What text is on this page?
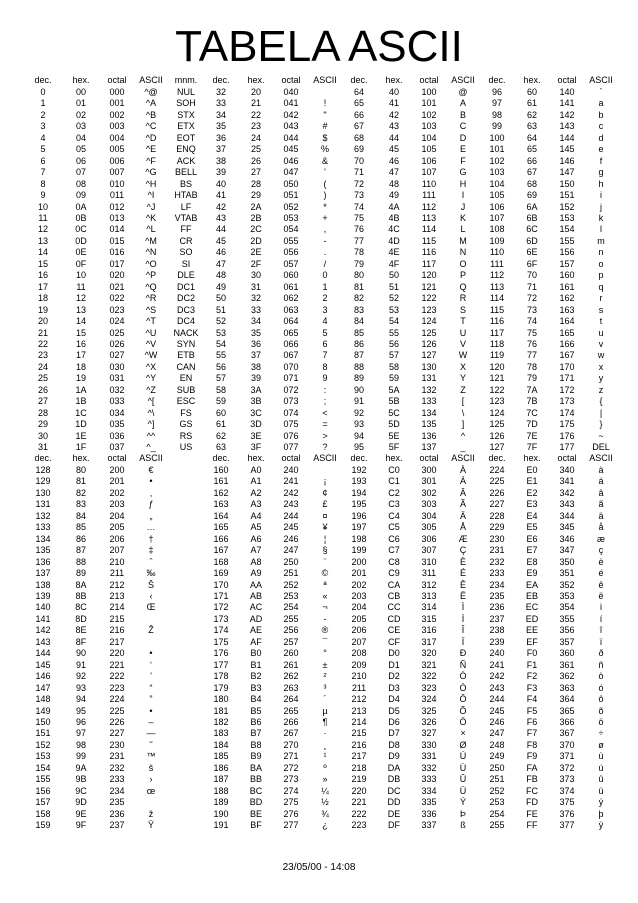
TABELA ASCII
dec.	hex.	octal	ASCII	mnm.	dec.	hex.	octal	ASCII	dec.	hex.	octal	ASCII	dec.	hex.	octal	ASCII
0	00	000	^@	NUL	32	20	040		64	40	100	@	96	60	140	`
1	01	001	^A	SOH	33	21	041	!	65	41	101	A	97	61	141	a
2	02	002	^B	STX	34	22	042	"	66	42	102	B	98	62	142	b
3	03	003	^C	ETX	35	23	043	#	67	43	103	C	99	63	143	c
4	04	004	^D	EOT	36	24	044	$	68	44	104	D	100	64	144	d
5	05	005	^E	ENQ	37	25	045	%	69	45	105	E	101	65	145	e
6	06	006	^F	ACK	38	26	046	&	70	46	106	F	102	66	146	f
7	07	007	^G	BELL	39	27	047	'	71	47	107	G	103	67	147	g
8	08	010	^H	BS	40	28	050	(	72	48	110	H	104	68	150	h
9	09	011	^I	HTAB	41	29	051	)	73	49	111	I	105	69	151	i
10	0A	012	^J	LF	42	2A	052	*	74	4A	112	J	106	6A	152	j
11	0B	013	^K	VTAB	43	2B	053	+	75	4B	113	K	107	6B	153	k
12	0C	014	^L	FF	44	2C	054	,	76	4C	114	L	108	6C	154	l
13	0D	015	^M	CR	45	2D	055	-	77	4D	115	M	109	6D	155	m
14	0E	016	^N	SO	46	2E	056	.	78	4E	116	N	110	6E	156	n
15	0F	017	^O	SI	47	2F	057	/	79	4F	117	O	111	6F	157	o
16	10	020	^P	DLE	48	30	060	0	80	50	120	P	112	70	160	p
17	11	021	^Q	DC1	49	31	061	1	81	51	121	Q	113	71	161	q
18	12	022	^R	DC2	50	32	062	2	82	52	122	R	114	72	162	r
19	13	023	^S	DC3	51	33	063	3	83	53	123	S	115	73	163	s
20	14	024	^T	DC4	52	34	064	4	84	54	124	T	116	74	164	t
21	15	025	^U	NACK	53	35	065	5	85	55	125	U	117	75	165	u
22	16	026	^V	SYN	54	36	066	6	86	56	126	V	118	76	166	v
23	17	027	^W	ETB	55	37	067	7	87	57	127	W	119	77	167	w
24	18	030	^X	CAN	56	38	070	8	88	58	130	X	120	78	170	x
25	19	031	^Y	EN	57	39	071	9	89	59	131	Y	121	79	171	y
26	1A	032	^Z	SUB	58	3A	072	:	90	5A	132	Z	122	7A	172	z
27	1B	033	^[	ESC	59	3B	073	;	91	5B	133	[	123	7B	173	{
28	1C	034	^\	FS	60	3C	074	<	92	5C	134	\	124	7C	174	|
29	1D	035	^]	GS	61	3D	075	=	93	5D	135	]	125	7D	175	}
30	1E	036	^^	RS	62	3E	076	>	94	5E	136	^	126	7E	176	~
31	1F	037	^_	US	63	3F	077	?	95	5F	137	_	127	7F	177	DEL
dec.	hex.	octal	ASCII		dec.	hex.	octal	ASCII	dec.	hex.	octal	ASCII	dec.	hex.	octal	ASCII
128	80	200	€		160	A0	240		192	C0	300	À	224	E0	340	à
129	81	201	•		161	A1	241	¡	193	C1	301	Á	225	E1	341	á
130	82	202	‚		162	A2	242	¢	194	C2	302	Â	226	E2	342	â
131	83	203	ƒ		163	A3	243	£	195	C3	303	Ã	227	E3	343	ã
132	84	204	„		164	A4	244	¤	196	C4	304	Ä	228	E4	344	ä
133	85	205	…		165	A5	245	¥	197	C5	305	Å	229	E5	345	å
134	86	206	†		166	A6	246	¦	198	C6	306	Æ	230	E6	346	æ
135	87	207	‡		167	A7	247	§	199	C7	307	Ç	231	E7	347	ç
136	88	210	ˆ		168	A8	250	¨	200	C8	310	È	232	E8	350	è
137	89	211	‰		169	A9	251	©	201	C9	311	É	233	E9	351	é
138	8A	212	Š		170	AA	252	ª	202	CA	312	Ê	234	EA	352	ê
139	8B	213	‹		171	AB	253	«	203	CB	313	Ë	235	EB	353	ë
140	8C	214	Œ		172	AC	254	¬	204	CC	314	Ì	236	EC	354	ì
141	8D	215			173	AD	255	-	205	CD	315	Í	237	ED	355	í
142	8E	216	Ž		174	AE	256	®	206	CE	316	Î	238	EE	356	î
143	8F	217			175	AF	257	¯	207	CF	317	Ï	239	EF	357	ï
144	90	220	•		176	B0	260	°	208	D0	320	Ð	240	F0	360	ð
145	91	221	‘		177	B1	261	±	209	D1	321	Ñ	241	F1	361	ñ
146	92	222	’		178	B2	262	²	210	D2	322	Ò	242	F2	362	ò
147	93	223	“		179	B3	263	³	211	D3	323	Ó	243	F3	363	ó
148	94	224	”		180	B4	264	´	212	D4	324	Ô	244	F4	364	ô
149	95	225	•		181	B5	265	µ	213	D5	325	Õ	245	F5	365	õ
150	96	226	–		182	B6	266	¶	214	D6	326	Ö	246	F6	366	ö
151	97	227	—		183	B7	267	·	215	D7	327	×	247	F7	367	÷
152	98	230	˜		184	B8	270	¸	216	D8	330	Ø	248	F8	370	ø
153	99	231	™		185	B9	271	¹	217	D9	331	Ù	249	F9	371	ù
154	9A	232	š		186	BA	272	º	218	DA	332	Ú	250	FA	372	ú
155	9B	233	›		187	BB	273	»	219	DB	333	Û	251	FB	373	û
156	9C	234	œ		188	BC	274	¼	220	DC	334	Ü	252	FC	374	ü
157	9D	235			189	BD	275	½	221	DD	335	Ý	253	FD	375	ý
158	9E	236	ž		190	BE	276	¾	222	DE	336	Þ	254	FE	376	þ
159	9F	237	Ÿ		191	BF	277	¿	223	DF	337	ß	255	FF	377	ÿ
23/05/00 - 14:08
